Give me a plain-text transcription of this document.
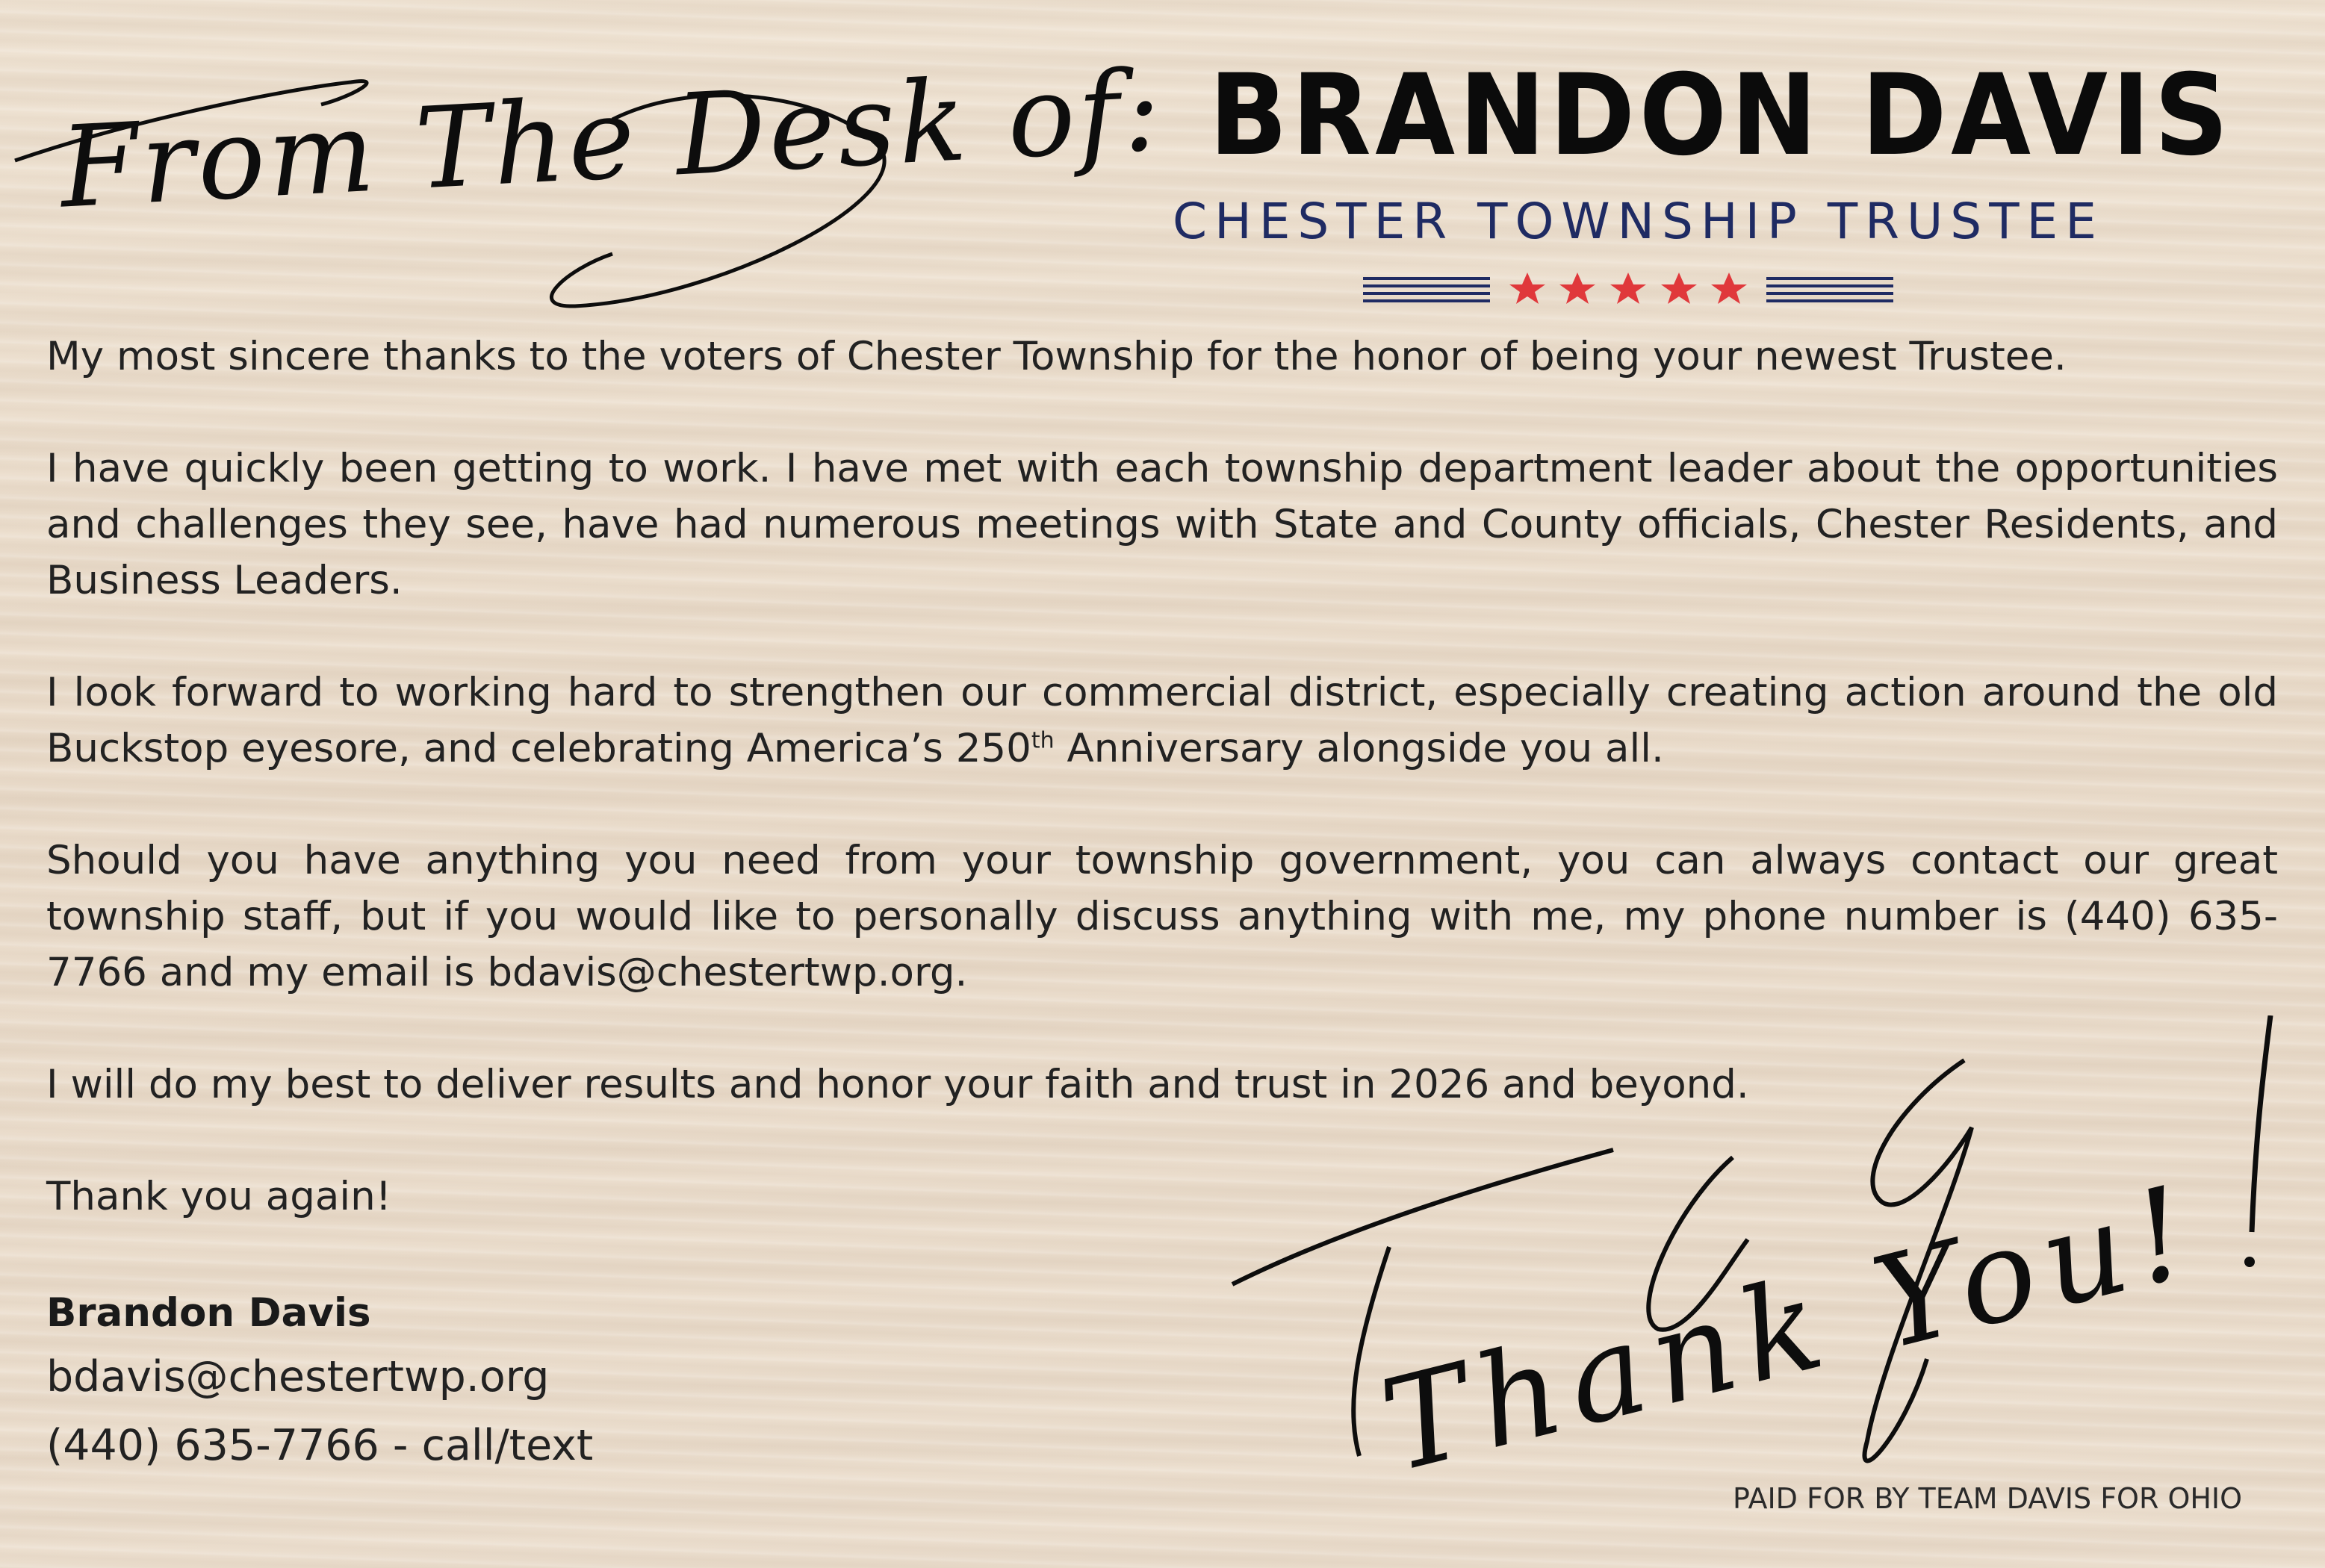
From The Desk of: BRANDON DAVIS
CHESTER TOWNSHIP TRUSTEE

My most sincere thanks to the voters of Chester Township for the honor of being your newest Trustee.

I have quickly been getting to work. I have met with each township department leader about the opportunities and challenges they see, have had numerous meetings with State and County officials, Chester Residents, and Business Leaders.

I look forward to working hard to strengthen our commercial district, especially creating action around the old Buckstop eyesore, and celebrating America’s 250th Anniversary alongside you all.

Should you have anything you need from your township government, you can always contact our great township staff, but if you would like to personally discuss anything with me, my phone number is (440) 635-7766 and my email is bdavis@chestertwp.org.

I will do my best to deliver results and honor your faith and trust in 2026 and beyond.

Thank you again!

Brandon Davis
bdavis@chestertwp.org
(440) 635-7766 - call/text	Thank You!
PAID FOR BY TEAM DAVIS FOR OHIO
